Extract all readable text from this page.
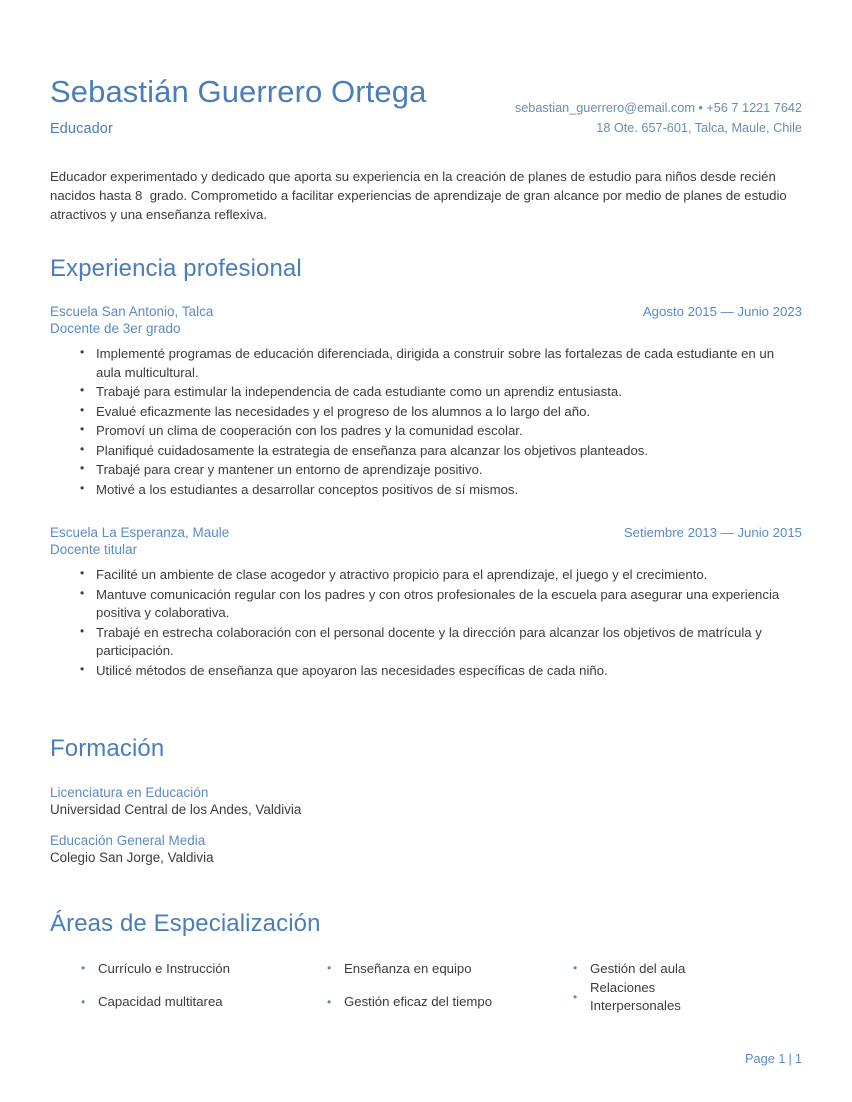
Sebastián Guerrero Ortega
Educador
sebastian_guerrero@email.com • +56 7 1221 7642
18 Ote. 657-601, Talca, Maule, Chile
Educador experimentado y dedicado que aporta su experiencia en la creación de planes de estudio para niños desde recién nacidos hasta 8  grado. Comprometido a facilitar experiencias de aprendizaje de gran alcance por medio de planes de estudio atractivos y una enseñanza reflexiva.
Experiencia profesional
Escuela San Antonio, Talca	Agosto 2015 — Junio 2023
Docente de 3er grado
• Implementé programas de educación diferenciada, dirigida a construir sobre las fortalezas de cada estudiante en un aula multicultural.
• Trabajé para estimular la independencia de cada estudiante como un aprendiz entusiasta.
• Evalué eficazmente las necesidades y el progreso de los alumnos a lo largo del año.
• Promoví un clima de cooperación con los padres y la comunidad escolar.
• Planifiqué cuidadosamente la estrategia de enseñanza para alcanzar los objetivos planteados.
• Trabajé para crear y mantener un entorno de aprendizaje positivo.
• Motivé a los estudiantes a desarrollar conceptos positivos de sí mismos.
Escuela La Esperanza, Maule	Setiembre 2013 — Junio 2015
Docente titular
• Facilité un ambiente de clase acogedor y atractivo propicio para el aprendizaje, el juego y el crecimiento.
• Mantuve comunicación regular con los padres y con otros profesionales de la escuela para asegurar una experiencia positiva y colaborativa.
• Trabajé en estrecha colaboración con el personal docente y la dirección para alcanzar los objetivos de matrícula y participación.
• Utilicé métodos de enseñanza que apoyaron las necesidades específicas de cada niño.
Formación
Licenciatura en Educación
Universidad Central de los Andes, Valdivia
Educación General Media
Colegio San Jorge, Valdivia
Áreas de Especialización
• Currículo e Instrucción
• Capacidad multitarea
• Enseñanza en equipo
• Gestión eficaz del tiempo
• Gestión del aula
• Relaciones Interpersonales
Page 1 | 1
